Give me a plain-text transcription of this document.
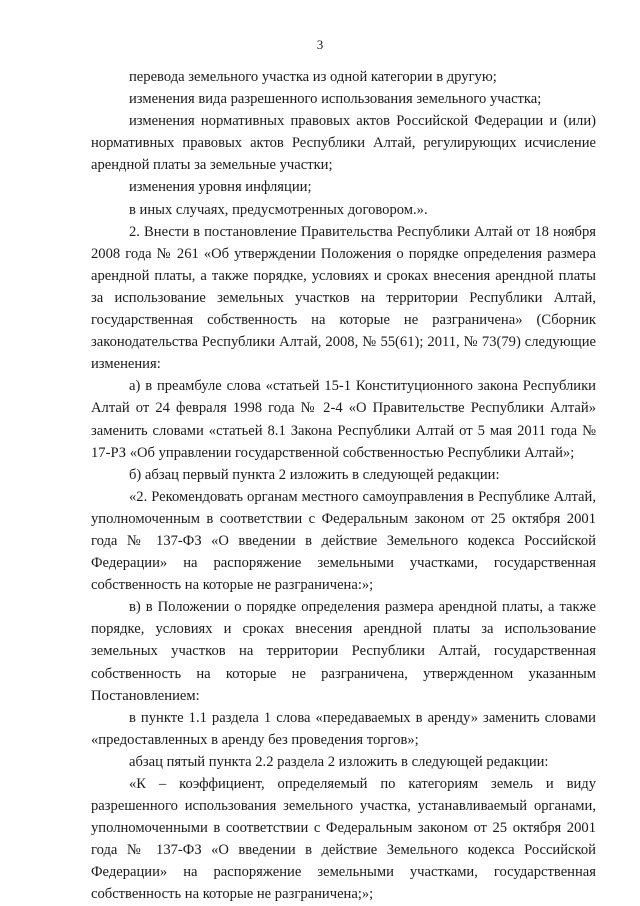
3

перевода земельного участка из одной категории в другую;

изменения вида разрешенного использования земельного участка;

изменения нормативных правовых актов Российской Федерации и (или) нормативных правовых актов Республики Алтай, регулирующих исчисление арендной платы за земельные участки;

изменения уровня инфляции;

в иных случаях, предусмотренных договором.».

2. Внести в постановление Правительства Республики Алтай от 18 ноября 2008 года № 261 «Об утверждении Положения о порядке определения размера арендной платы, а также порядке, условиях и сроках внесения арендной платы за использование земельных участков на территории Республики Алтай, государственная собственность на которые не разграничена» (Сборник законодательства Республики Алтай, 2008, № 55(61); 2011, № 73(79) следующие изменения:

а) в преамбуле слова «статьей 15-1 Конституционного закона Республики Алтай от 24 февраля 1998 года № 2-4 «О Правительстве Республики Алтай» заменить словами «статьей 8.1 Закона Республики Алтай от 5 мая 2011 года № 17-РЗ «Об управлении государственной собственностью Республики Алтай»;

б) абзац первый пункта 2 изложить в следующей редакции:

«2. Рекомендовать органам местного самоуправления в Республике Алтай, уполномоченным в соответствии с Федеральным законом от 25 октября 2001 года № 137-ФЗ «О введении в действие Земельного кодекса Российской Федерации» на распоряжение земельными участками, государственная собственность на которые не разграничена:»;

в) в Положении о порядке определения размера арендной платы, а также порядке, условиях и сроках внесения арендной платы за использование земельных участков на территории Республики Алтай, государственная собственность на которые не разграничена, утвержденном указанным Постановлением:

в пункте 1.1 раздела 1 слова «передаваемых в аренду» заменить словами «предоставленных в аренду без проведения торгов»;

абзац пятый пункта 2.2 раздела 2 изложить в следующей редакции:

«К – коэффициент, определяемый по категориям земель и виду разрешенного использования земельного участка, устанавливаемый органами, уполномоченными в соответствии с Федеральным законом от 25 октября 2001 года № 137-ФЗ «О введении в действие Земельного кодекса Российской Федерации» на распоряжение земельными участками, государственная собственность на которые не разграничена;»;
